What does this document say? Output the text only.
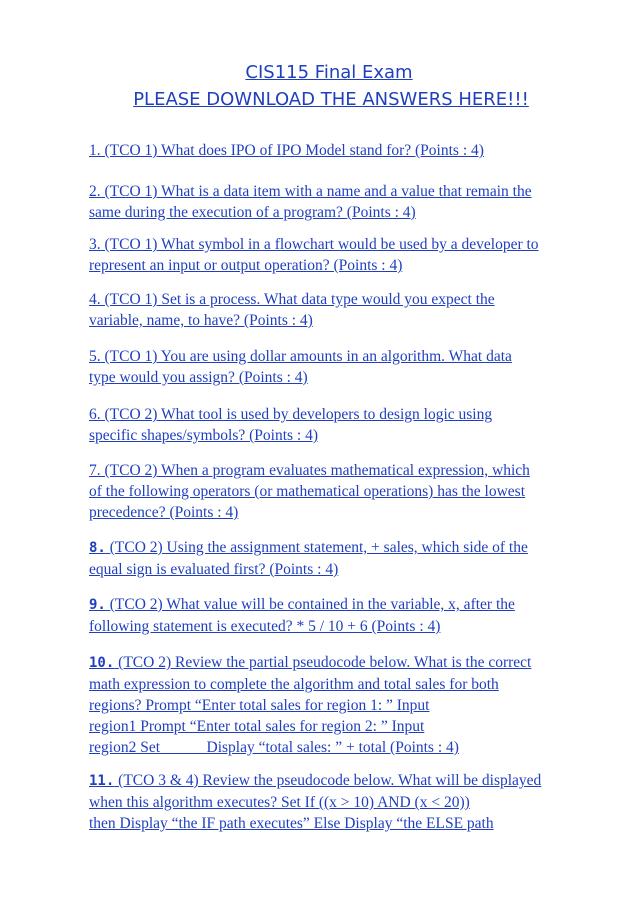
CIS115 Final Exam
PLEASE DOWNLOAD THE ANSWERS HERE!!!
1. (TCO 1) What does IPO of IPO Model stand for? (Points : 4)
2. (TCO 1) What is a data item with a name and a value that remain the
same during the execution of a program? (Points : 4)
3. (TCO 1) What symbol in a flowchart would be used by a developer to
represent an input or output operation? (Points : 4)
4. (TCO 1) Set is a process. What data type would you expect the
variable, name, to have? (Points : 4)
5. (TCO 1) You are using dollar amounts in an algorithm. What data
type would you assign? (Points : 4)
6. (TCO 2) What tool is used by developers to design logic using
specific shapes/symbols? (Points : 4)
7. (TCO 2) When a program evaluates mathematical expression, which
of the following operators (or mathematical operations) has the lowest
precedence? (Points : 4)
8. (TCO 2) Using the assignment statement, + sales, which side of the
equal sign is evaluated first? (Points : 4)
9. (TCO 2) What value will be contained in the variable, x, after the
following statement is executed? * 5 / 10 + 6 (Points : 4)
10. (TCO 2) Review the partial pseudocode below. What is the correct
math expression to complete the algorithm and total sales for both
regions? Prompt “Enter total sales for region 1: ” Input
region1 Prompt “Enter total sales for region 2: ” Input
region2 Set _____ Display “total sales: ” + total (Points : 4)
11. (TCO 3 & 4) Review the pseudocode below. What will be displayed
when this algorithm executes? Set If ((x > 10) AND (x < 20))
then Display “the IF path executes” Else Display “the ELSE path
